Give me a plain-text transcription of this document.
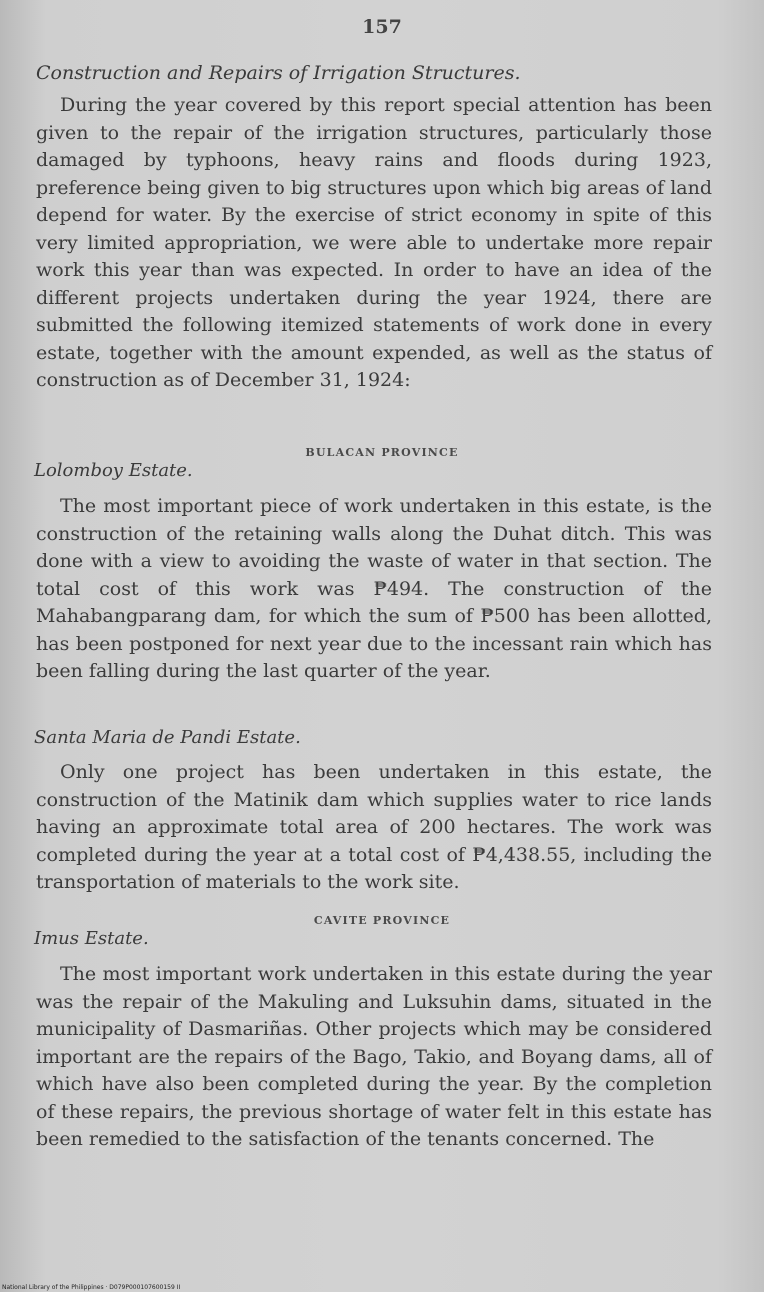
157
Construction and Repairs of Irrigation Structures.
During the year covered by this report special attention has been given to the repair of the irrigation structures, particularly those damaged by typhoons, heavy rains and floods during 1923, preference being given to big structures upon which big areas of land depend for water. By the exercise of strict economy in spite of this very limited appropriation, we were able to undertake more repair work this year than was expected. In order to have an idea of the different projects undertaken during the year 1924, there are submitted the following itemized statements of work done in every estate, together with the amount expended, as well as the status of construction as of December 31, 1924:
BULACAN PROVINCE
Lolomboy Estate.
The most important piece of work undertaken in this estate, is the construction of the retaining walls along the Duhat ditch. This was done with a view to avoiding the waste of water in that section. The total cost of this work was ₱494. The construction of the Mahabangparang dam, for which the sum of ₱500 has been allotted, has been postponed for next year due to the incessant rain which has been falling during the last quarter of the year.
Santa Maria de Pandi Estate.
Only one project has been undertaken in this estate, the construction of the Matinik dam which supplies water to rice lands having an approximate total area of 200 hectares. The work was completed during the year at a total cost of ₱4,438.55, including the transportation of materials to the work site.
CAVITE PROVINCE
Imus Estate.
The most important work undertaken in this estate during the year was the repair of the Makuling and Luksuhin dams, situated in the municipality of Dasmariñas. Other projects which may be considered important are the repairs of the Bago, Takio, and Boyang dams, all of which have also been completed during the year. By the completion of these repairs, the previous shortage of water felt in this estate has been remedied to the satisfaction of the tenants concerned. The
National Library of the Philippines · D079P000107600159 II
